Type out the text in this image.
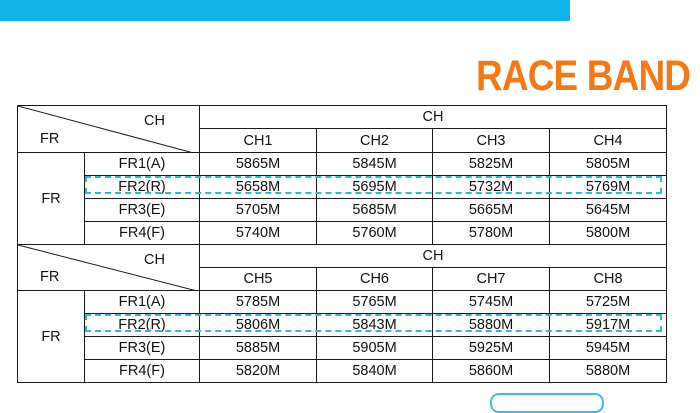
RACE BAND
CH
FR		CH			
		CH1	CH2	CH3	CH4
FR	FR1(A)	5865M	5845M	5825M	5805M
	FR2(R)	5658M	5695M	5732M	5769M
	FR3(E)	5705M	5685M	5665M	5645M
	FR4(F)	5740M	5760M	5780M	5800M
CH
FR		CH			
		CH5	CH6	CH7	CH8
FR	FR1(A)	5785M	5765M	5745M	5725M
	FR2(R)	5806M	5843M	5880M	5917M
	FR3(E)	5885M	5905M	5925M	5945M
	FR4(F)	5820M	5840M	5860M	5880M
